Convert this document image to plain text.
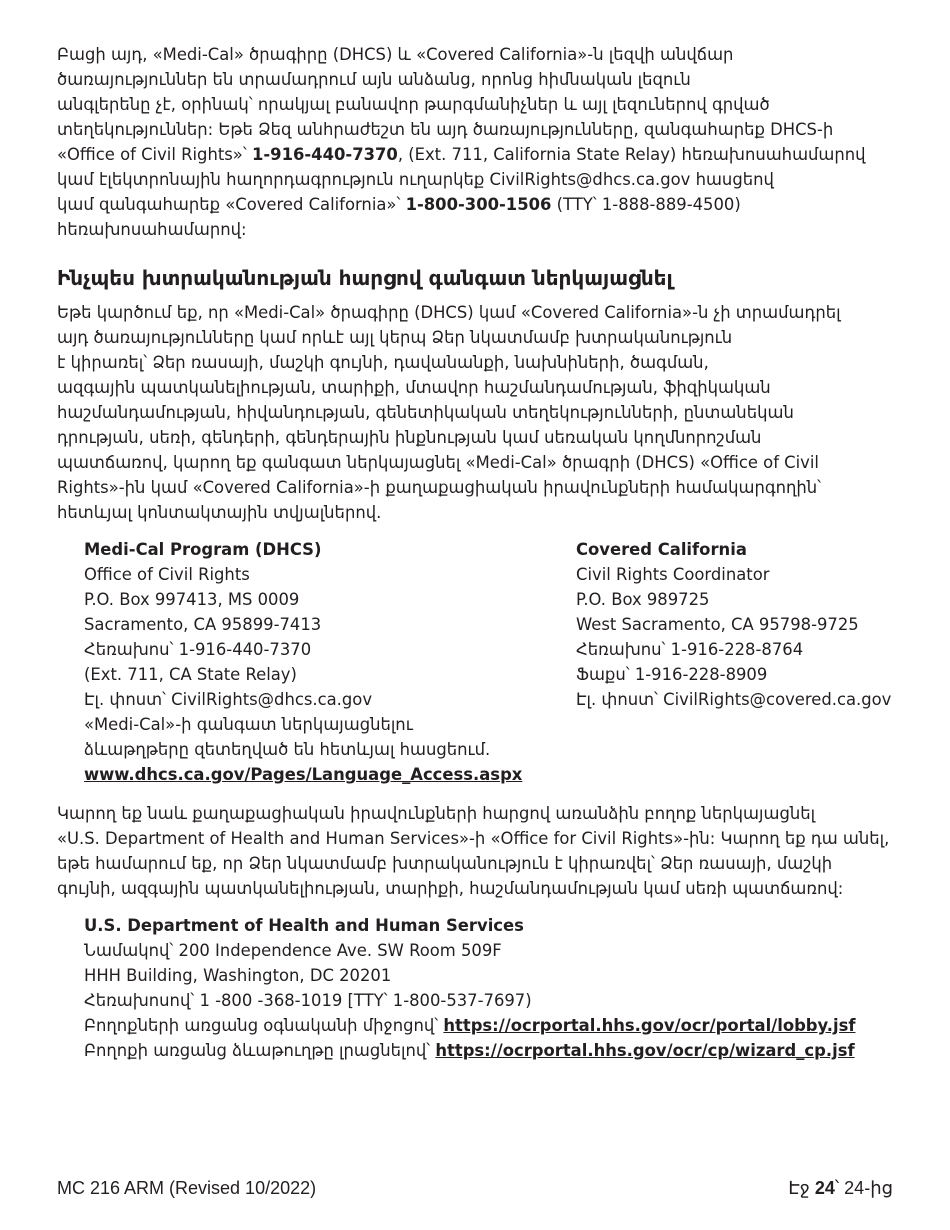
Բացի այդ, «Medi-Cal» ծրագիրը (DHCS) և «Covered California»-ն լեզվի անվճար
ծառայություններ են տրամադրում այն անձանց, որոնց հիմնական լեզուն
անգլերենը չէ, օրինակ՝ որակյալ բանավոր թարգմանիչներ և այլ լեզուներով գրված
տեղեկություններ: Եթե Ձեզ անհրաժեշտ են այդ ծառայությունները, զանգահարեք DHCS-ի
«Office of Civil Rights»՝ 1-916-440-7370, (Ext. 711, California State Relay) հեռախոսահամարով
կամ էլեկտրոնային հաղորդագրություն ուղարկեք CivilRights@dhcs.ca.gov հասցեով
կամ զանգահարեք «Covered California»՝ 1-800-300-1506 (TTY՝ 1-888-889-4500)
հեռախոսահամարով:

Ինչպես խտրականության հարցով գանգատ ներկայացնել

Եթե կարծում եք, որ «Medi-Cal» ծրագիրը (DHCS) կամ «Covered California»-ն չի տրամադրել
այդ ծառայությունները կամ որևէ այլ կերպ Ձեր նկատմամբ խտրականություն
է կիրառել՝ Ձեր ռասայի, մաշկի գույնի, դավանանքի, նախնիների, ծագման,
ազգային պատկանելիության, տարիքի, մտավոր հաշմանդամության, ֆիզիկական
հաշմանդամության, հիվանդության, գենետիկական տեղեկությունների, ընտանեկան
դրության, սեռի, գենդերի, գենդերային ինքնության կամ սեռական կողմնորոշման
պատճառով, կարող եք գանգատ ներկայացնել «Medi-Cal» ծրագրի (DHCS) «Office of Civil
Rights»-ին կամ «Covered California»-ի քաղաքացիական իրավունքների համակարգողին՝
հետևյալ կոնտակտային տվյալներով.

Medi-Cal Program (DHCS)
Office of Civil Rights
P.O. Box 997413, MS 0009
Sacramento, CA 95899-7413
Հեռախոս՝ 1-916-440-7370
(Ext. 711, CA State Relay)
Էլ. փոստ՝ CivilRights@dhcs.ca.gov
«Medi-Cal»-ի գանգատ ներկայացնելու
ձևաթղթերը զետեղված են հետևյալ հասցեում.
www.dhcs.ca.gov/Pages/Language_Access.aspx
Covered California
Civil Rights Coordinator
P.O. Box 989725
West Sacramento, CA 95798-9725
Հեռախոս՝ 1-916-228-8764
Ֆաքս՝ 1-916-228-8909
Էլ. փոստ՝ CivilRights@covered.ca.gov

Կարող եք նաև քաղաքացիական իրավունքների հարցով առանձին բողոք ներկայացնել
«U.S. Department of Health and Human Services»-ի «Office for Civil Rights»-ին: Կարող եք դա անել,
եթե համարում եք, որ Ձեր նկատմամբ խտրականություն է կիրառվել՝ Ձեր ռասայի, մաշկի
գույնի, ազգային պատկանելիության, տարիքի, հաշմանդամության կամ սեռի պատճառով:

U.S. Department of Health and Human Services
Նամակով՝ 200 Independence Ave. SW Room 509F
HHH Building, Washington, DC 20201
Հեռախոսով՝ 1 -800 -368-1019 [TTY՝ 1-800-537-7697)
Բողոքների առցանց օգնականի միջոցով՝ https://ocrportal.hhs.gov/ocr/portal/lobby.jsf
Բողոքի առցանց ձևաթուղթը լրացնելով՝ https://ocrportal.hhs.gov/ocr/cp/wizard_cp.jsf
MC 216 ARM (Revised 10/2022)	Էջ 24՝ 24-ից
